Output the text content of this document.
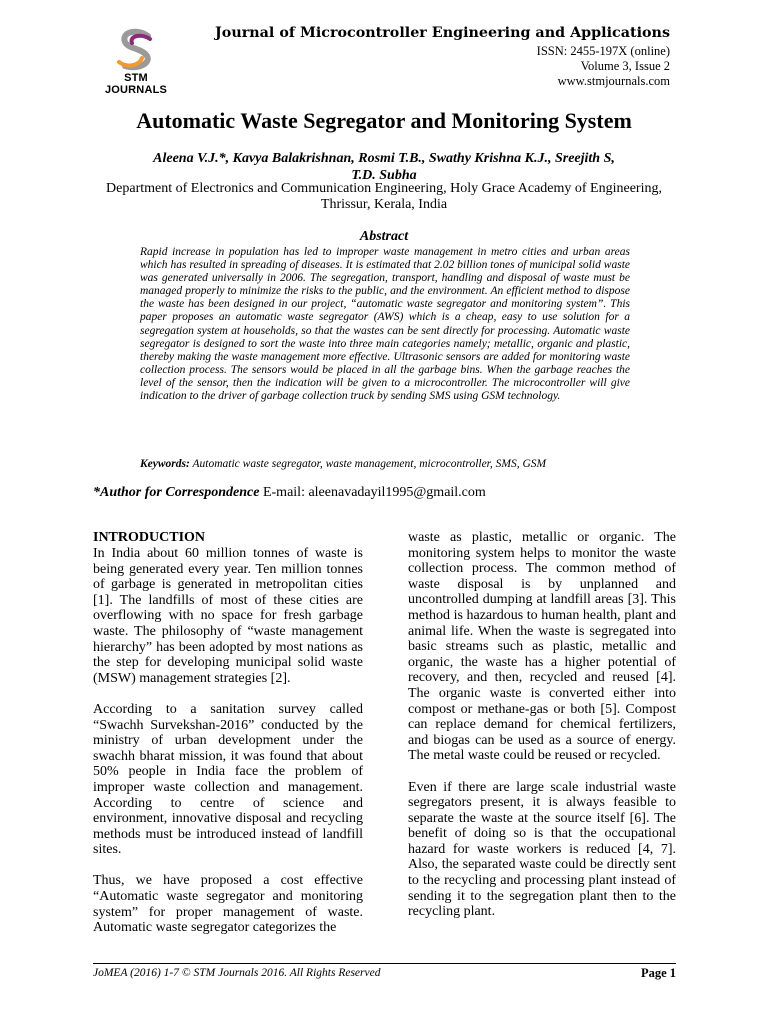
STM JOURNALS
Journal of Microcontroller Engineering and Applications
ISSN: 2455-197X (online)
Volume 3, Issue 2
www.stmjournals.com
Automatic Waste Segregator and Monitoring System
Aleena V.J.*, Kavya Balakrishnan, Rosmi T.B., Swathy Krishna K.J., Sreejith S,
T.D. Subha
Department of Electronics and Communication Engineering, Holy Grace Academy of Engineering,
Thrissur, Kerala, India
Abstract
Rapid increase in population has led to improper waste management in metro cities and urban areas which has resulted in spreading of diseases. It is estimated that 2.02 billion tones of municipal solid waste was generated universally in 2006. The segregation, transport, handling and disposal of waste must be managed properly to minimize the risks to the public, and the environment. An efficient method to dispose the waste has been designed in our project, “automatic waste segregator and monitoring system”. This paper proposes an automatic waste segregator (AWS) which is a cheap, easy to use solution for a segregation system at households, so that the wastes can be sent directly for processing. Automatic waste segregator is designed to sort the waste into three main categories namely; metallic, organic and plastic, thereby making the waste management more effective. Ultrasonic sensors are added for monitoring waste collection process. The sensors would be placed in all the garbage bins. When the garbage reaches the level of the sensor, then the indication will be given to a microcontroller. The microcontroller will give indication to the driver of garbage collection truck by sending SMS using GSM technology.
Keywords: Automatic waste segregator, waste management, microcontroller, SMS, GSM
*Author for Correspondence E-mail: aleenavadayil1995@gmail.com
INTRODUCTION

In India about 60 million tonnes of waste is being generated every year. Ten million tonnes of garbage is generated in metropolitan cities [1]. The landfills of most of these cities are overflowing with no space for fresh garbage waste. The philosophy of “waste management hierarchy” has been adopted by most nations as the step for developing municipal solid waste (MSW) management strategies [2].

According to a sanitation survey called “Swachh Survekshan-2016” conducted by the ministry of urban development under the swachh bharat mission, it was found that about 50% people in India face the problem of improper waste collection and management. According to centre of science and environment, innovative disposal and recycling methods must be introduced instead of landfill sites.

Thus, we have proposed a cost effective “Automatic waste segregator and monitoring system” for proper management of waste. Automatic waste segregator categorizes the

waste as plastic, metallic or organic. The monitoring system helps to monitor the waste collection process. The common method of waste disposal is by unplanned and uncontrolled dumping at landfill areas [3]. This method is hazardous to human health, plant and animal life. When the waste is segregated into basic streams such as plastic, metallic and organic, the waste has a higher potential of recovery, and then, recycled and reused [4]. The organic waste is converted either into compost or methane-gas or both [5]. Compost can replace demand for chemical fertilizers, and biogas can be used as a source of energy. The metal waste could be reused or recycled.

Even if there are large scale industrial waste segregators present, it is always feasible to separate the waste at the source itself [6]. The benefit of doing so is that the occupational hazard for waste workers is reduced [4, 7]. Also, the separated waste could be directly sent to the recycling and processing plant instead of sending it to the segregation plant then to the recycling plant.

JoMEA (2016) 1-7 © STM Journals 2016. All Rights Reserved	Page 1
